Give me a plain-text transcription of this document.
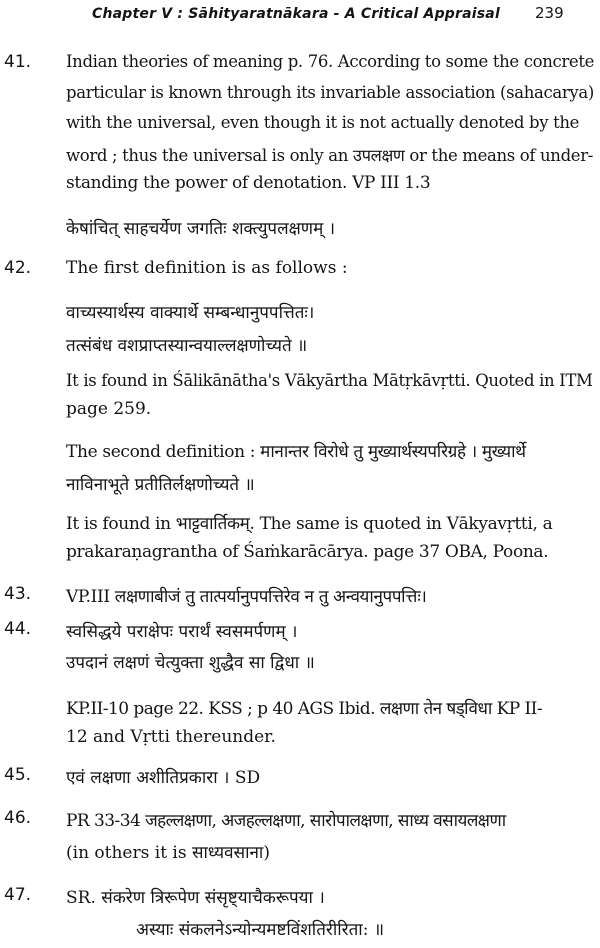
Chapter V : Sāhityaratnākara - A Critical Appraisal 239
41. Indian theories of meaning p. 76. According to some the concrete
particular is known through its invariable association (sahacarya)
with the universal, even though it is not actually denoted by the
word ; thus the universal is only an उपलक्षण or the means of under-
standing the power of denotation. VP III 1.3
केषांचित् साहचर्येण जगतिः शक्त्युपलक्षणम् ।
42. The first definition is as follows :
वाच्यस्यार्थस्य वाक्यार्थे सम्बन्धानुपपत्तितः।
तत्संबंध वशप्राप्तस्यान्वयाल्लक्षणोच्यते ॥
It is found in Śālikānātha's Vākyārtha Mātṛkāvṛtti. Quoted in ITM
page 259.
The second definition : मानान्तर विरोधे तु मुख्यार्थस्यपरिग्रहे । मुख्यार्थे
नाविनाभूते प्रतीतिर्लक्षणोच्यते ॥
It is found in भाट्टवार्तिकम्. The same is quoted in Vākyavṛtti, a
prakaraṇagrantha of Śaṁkarācārya. page 37 OBA, Poona.
43. VP.III लक्षणाबीजं तु तात्पर्यानुपपत्तिरेव न तु अन्वयानुपपत्तिः।
44. स्वसिद्धये पराक्षेपः परार्थं स्वसमर्पणम् ।
उपदानं लक्षणं चेत्युक्ता शुद्धैव सा द्विधा ॥
KP.II-10 page 22. KSS ; p 40 AGS Ibid. लक्षणा तेन षड्विधा KP II-
12 and Vṛtti thereunder.
45. एवं लक्षणा अशीतिप्रकारा । SD
46. PR 33-34 जहल्लक्षणा, अजहल्लक्षणा, सारोपालक्षणा, साध्य वसायलक्षणा
(in others it is साध्यवसाना)
47. SR. संकरेण त्रिरूपेण संसृष्ट्याचैकरूपया ।
अस्याः संकलनेऽन्योन्यमष्टविंशतिरीरिता: ॥
